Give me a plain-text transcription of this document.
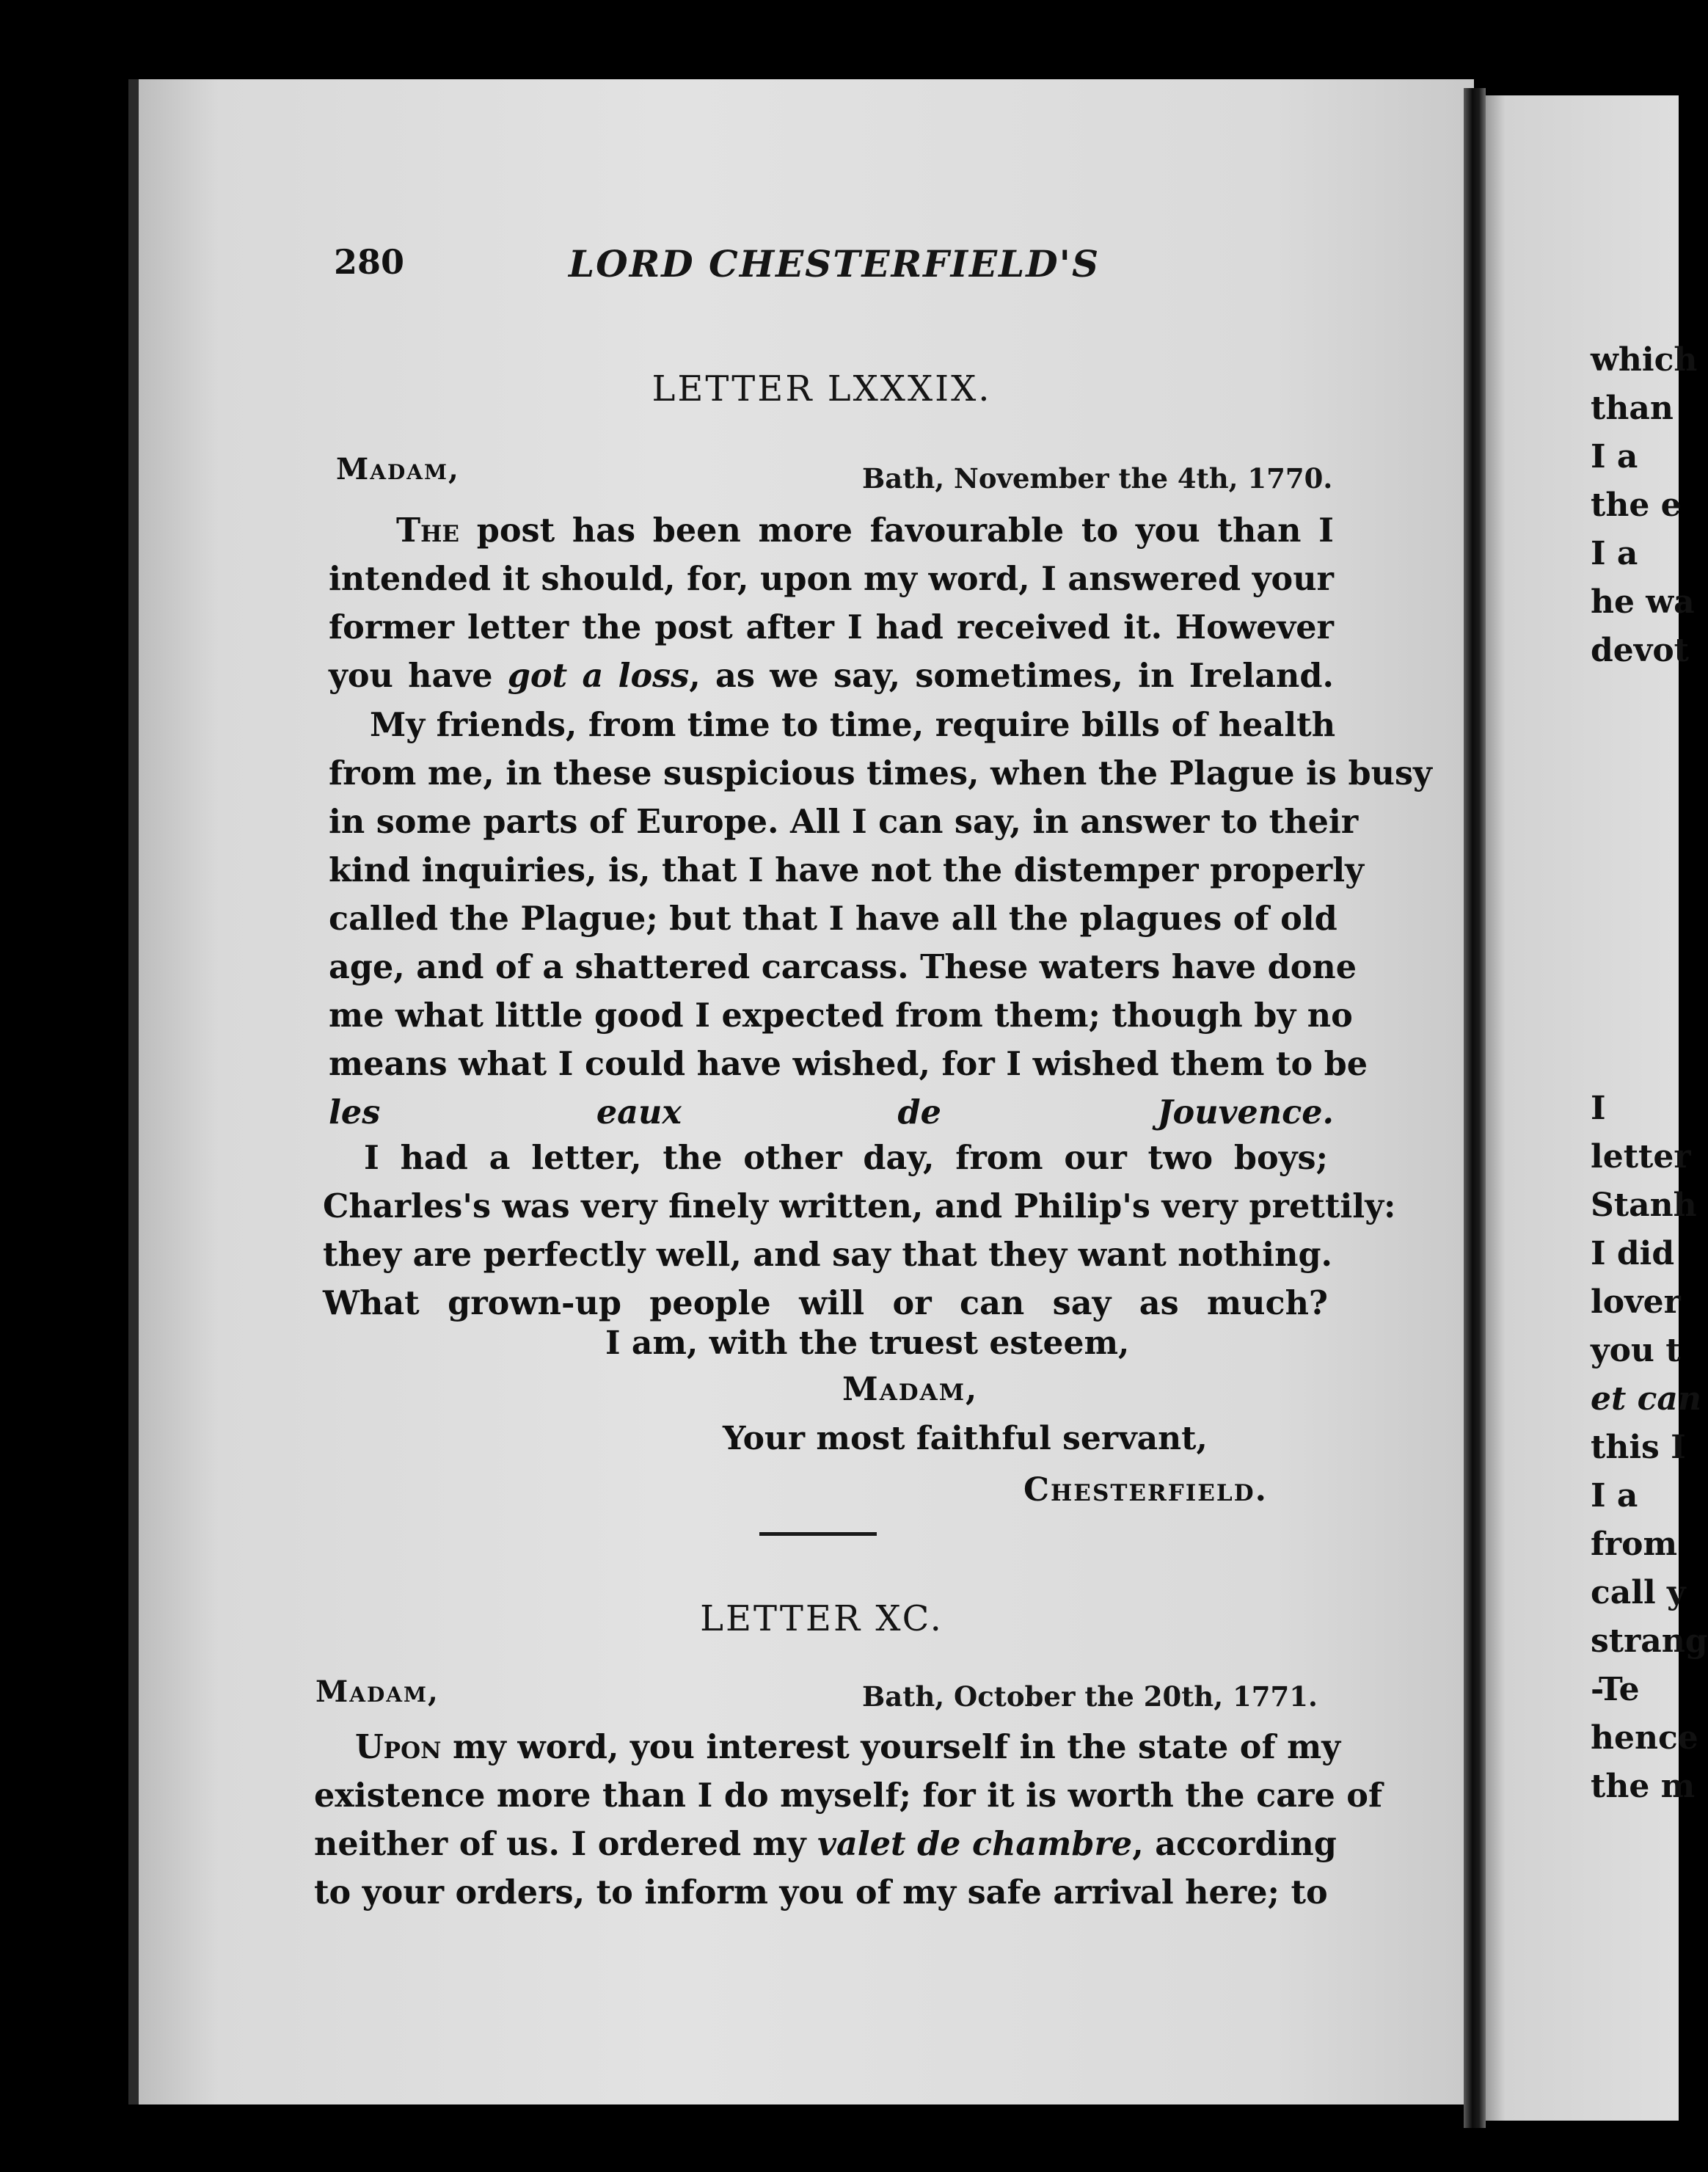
280	LORD CHESTERFIELD'S
LETTER LXXXIX.
Madam,	Bath, November the 4th, 1770.
The post has been more favourable to you than I
intended it should, for, upon my word, I answered your
former letter the post after I had received it. However
you have got a loss, as we say, sometimes, in Ireland.
My friends, from time to time, require bills of health
from me, in these suspicious times, when the Plague is busy
in some parts of Europe. All I can say, in answer to their
kind inquiries, is, that I have not the distemper properly
called the Plague; but that I have all the plagues of old
age, and of a shattered carcass. These waters have done
me what little good I expected from them; though by no
means what I could have wished, for I wished them to be
les eaux de Jouvence.
I had a letter, the other day, from our two boys;
Charles's was very finely written, and Philip's very prettily:
they are perfectly well, and say that they want nothing.
What grown-up people will or can say as much?
I am, with the truest esteem,
Madam,
Your most faithful servant,
Chesterfield.
LETTER XC.
Madam,	Bath, October the 20th, 1771.
Upon my word, you interest yourself in the state of my
existence more than I do myself; for it is worth the care of
neither of us. I ordered my valet de chambre, according
to your orders, to inform you of my safe arrival here; to
which
than
I a
the e
I a
he wa
devot
I
letter
Stanh
I did
lover
you t
et can
this I
I a
from
call y
strang
-Te
hence
the m
